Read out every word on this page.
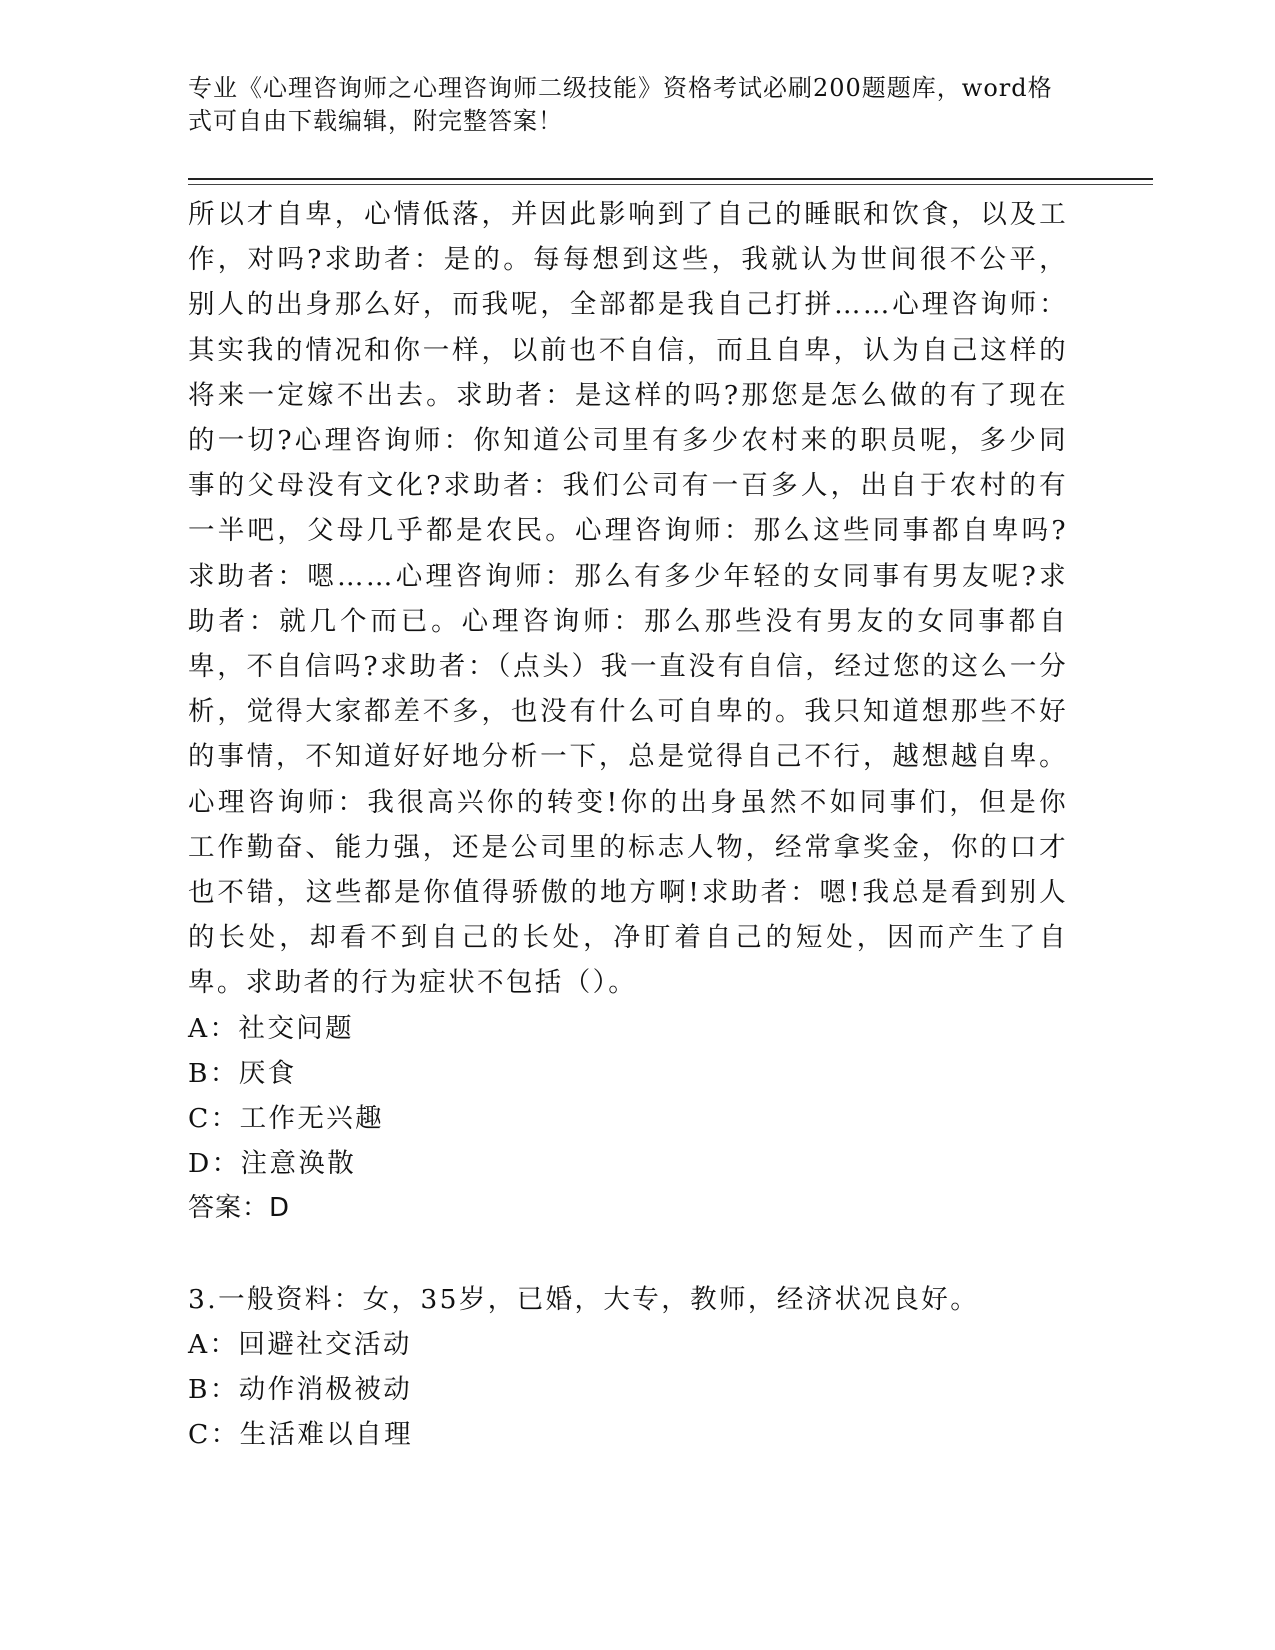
专业《心理咨询师之心理咨询师二级技能》资格考试必刷200题题库，word格式可自由下载编辑，附完整答案！

所以才自卑，心情低落，并因此影响到了自己的睡眠和饮食，以及工作，对吗?求助者：是的。每每想到这些，我就认为世间很不公平，别人的出身那么好，而我呢，全部都是我自己打拼……心理咨询师：其实我的情况和你一样，以前也不自信，而且自卑，认为自己这样的将来一定嫁不出去。求助者：是这样的吗?那您是怎么做的有了现在的一切?心理咨询师：你知道公司里有多少农村来的职员呢，多少同事的父母没有文化?求助者：我们公司有一百多人，出自于农村的有一半吧，父母几乎都是农民。心理咨询师：那么这些同事都自卑吗?求助者：嗯……心理咨询师：那么有多少年轻的女同事有男友呢?求助者：就几个而已。心理咨询师：那么那些没有男友的女同事都自卑，不自信吗?求助者：（点头）我一直没有自信，经过您的这么一分析，觉得大家都差不多，也没有什么可自卑的。我只知道想那些不好的事情，不知道好好地分析一下，总是觉得自己不行，越想越自卑。心理咨询师：我很高兴你的转变!你的出身虽然不如同事们，但是你工作勤奋、能力强，还是公司里的标志人物，经常拿奖金，你的口才也不错，这些都是你值得骄傲的地方啊!求助者：嗯!我总是看到别人的长处，却看不到自己的长处，净盯着自己的短处，因而产生了自卑。求助者的行为症状不包括（）。

A：社交问题

B：厌食

C：工作无兴趣

D：注意涣散

答案：D

3.一般资料：女，35岁，已婚，大专，教师，经济状况良好。

A：回避社交活动

B：动作消极被动

C：生活难以自理
